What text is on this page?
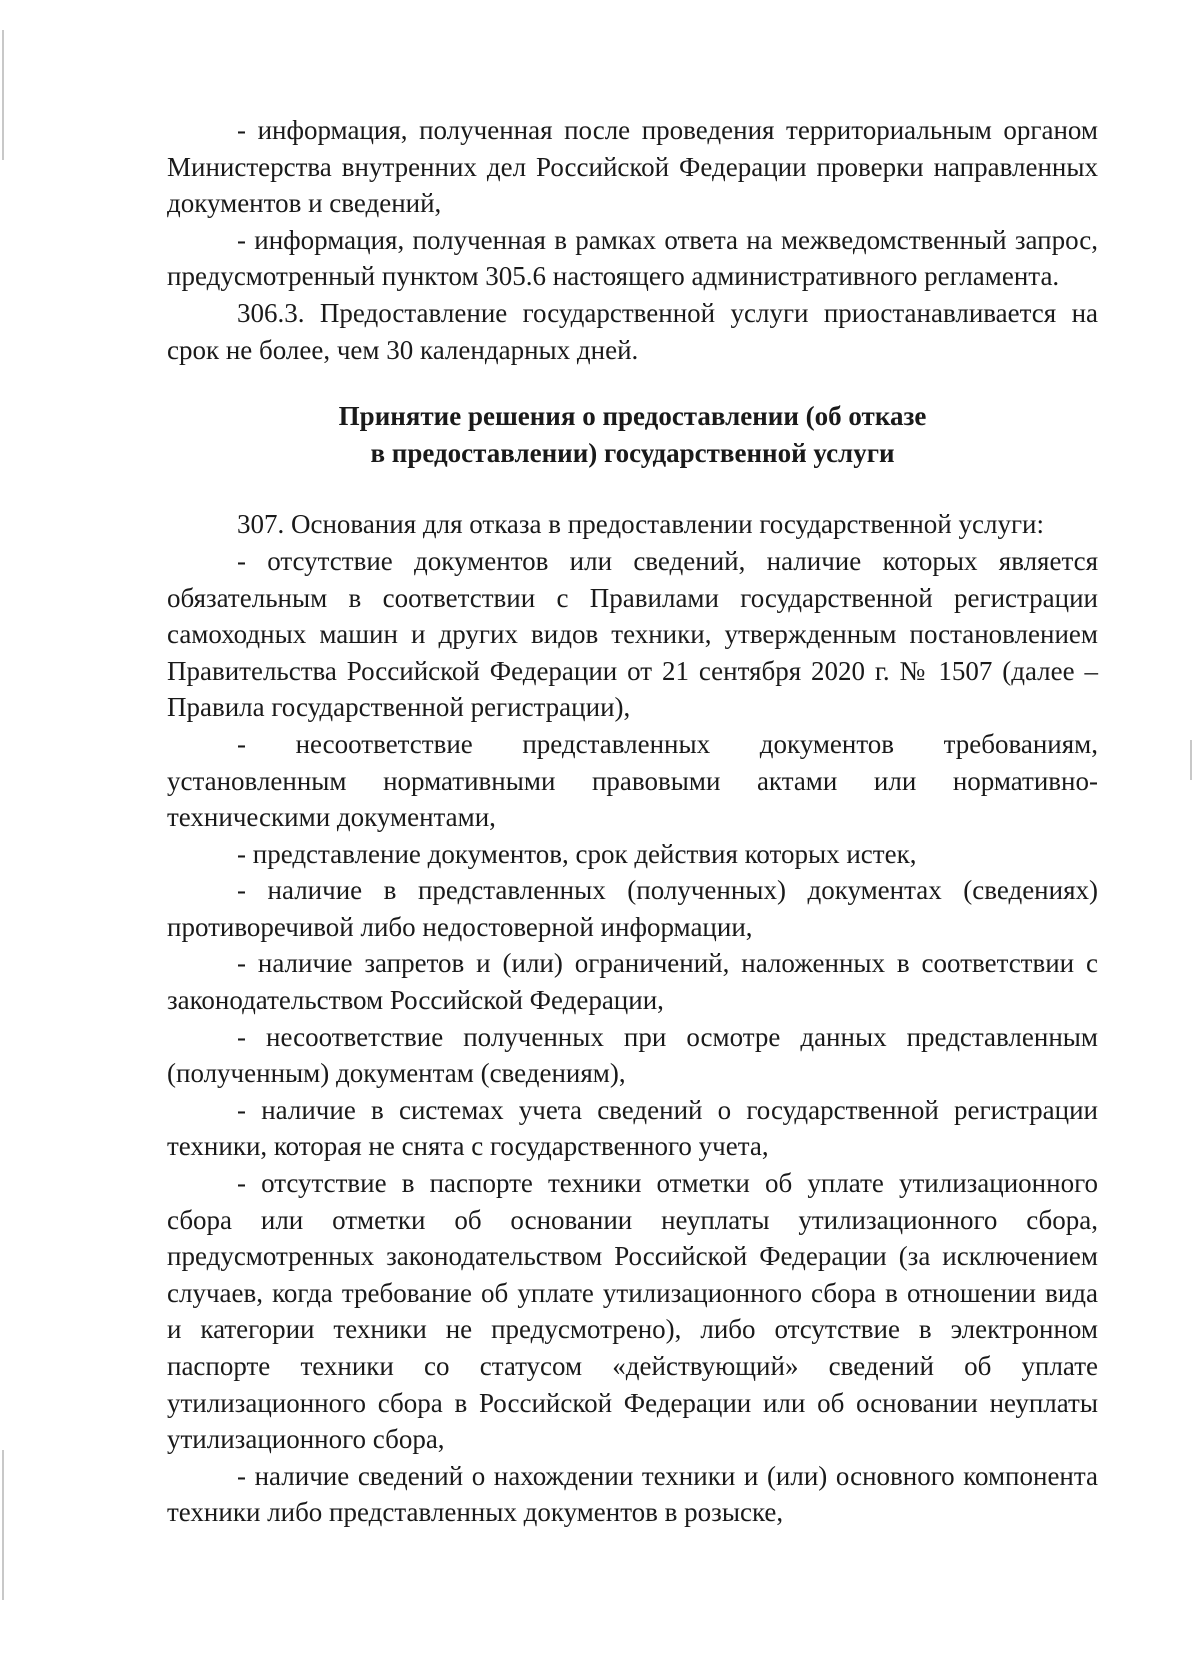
- информация, полученная после проведения территориальным органом Министерства внутренних дел Российской Федерации проверки направленных документов и сведений,

- информация, полученная в рамках ответа на межведомственный запрос, предусмотренный пунктом 305.6 настоящего административного регламента.

306.3. Предоставление государственной услуги приостанавливается на срок не более, чем 30 календарных дней.

Принятие решения о предоставлении (об отказе

в предоставлении) государственной услуги

307. Основания для отказа в предоставлении государственной услуги:

- отсутствие документов или сведений, наличие которых является обязательным в соответствии с Правилами государственной регистрации самоходных машин и других видов техники, утвержденным постановлением Правительства Российской Федерации от 21 сентября 2020 г. № 1507 (далее – Правила государственной регистрации),

- несоответствие представленных документов требованиям, установленным нормативными правовыми актами или нормативно-техническими документами,

- представление документов, срок действия которых истек,

- наличие в представленных (полученных) документах (сведениях) противоречивой либо недостоверной информации,

- наличие запретов и (или) ограничений, наложенных в соответствии с законодательством Российской Федерации,

- несоответствие полученных при осмотре данных представленным (полученным) документам (сведениям),

- наличие в системах учета сведений о государственной регистрации техники, которая не снята с государственного учета,

- отсутствие в паспорте техники отметки об уплате утилизационного сбора или отметки об основании неуплаты утилизационного сбора, предусмотренных законодательством Российской Федерации (за исключением случаев, когда требование об уплате утилизационного сбора в отношении вида и категории техники не предусмотрено), либо отсутствие в электронном паспорте техники со статусом «действующий» сведений об уплате утилизационного сбора в Российской Федерации или об основании неуплаты утилизационного сбора,

- наличие сведений о нахождении техники и (или) основного компонента техники либо представленных документов в розыске,
